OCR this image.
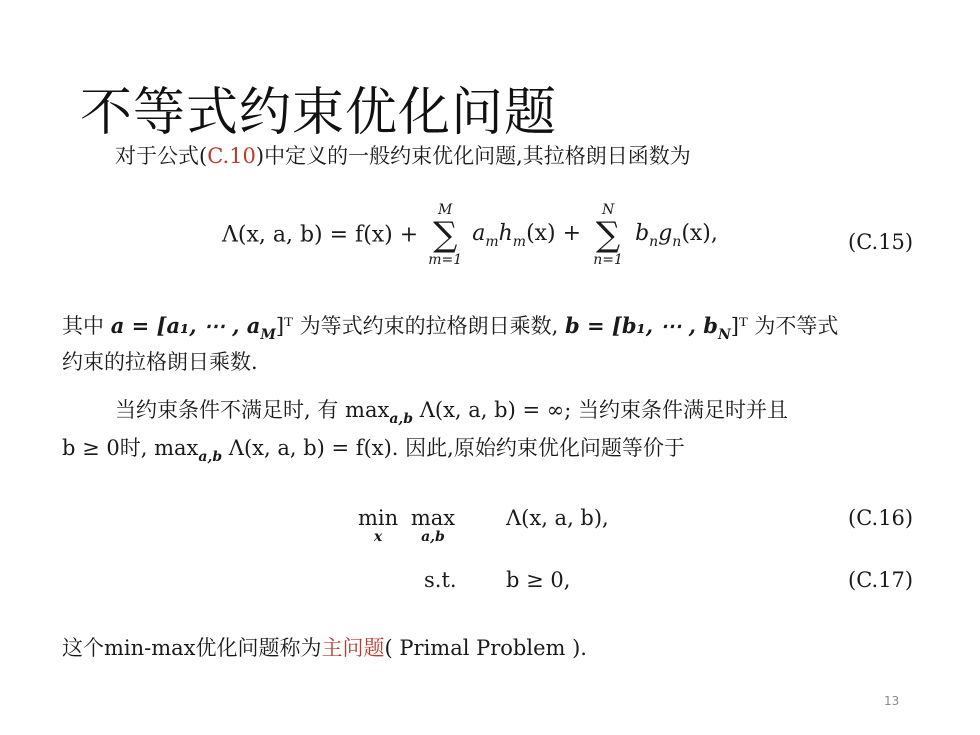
不等式约束优化问题
对于公式(C.10)中定义的一般约束优化问题,其拉格朗日函数为
Λ(x, a, b) = f(x) +
M
∑
m=1
$a_mh_m(x)$ +
N
∑
n=1
$b_ng_n(x)$,	(C.15)
其中 a = [a₁, ⋯ , $a_M]ᵀ$ 为等式约束的拉格朗日乘数, b = [b₁, ⋯ , $b_N]ᵀ$ 为不等式
约束的拉格朗日乘数.
当约束条件不满足时, 有 $\max_{a,b} \Lambda(x$, a, b) = ∞; 当约束条件满足时并且
b ≥ 0时, $\max_{a,b} \Lambda(x$, a, b) = f(x). 因此,原始约束优化问题等价于
min
x
max
a,b
Λ(x, a, b),	(C.16)
s.t. b ≥ 0,	(C.17)
这个min-max优化问题称为主问题( Primal Problem ).
13
